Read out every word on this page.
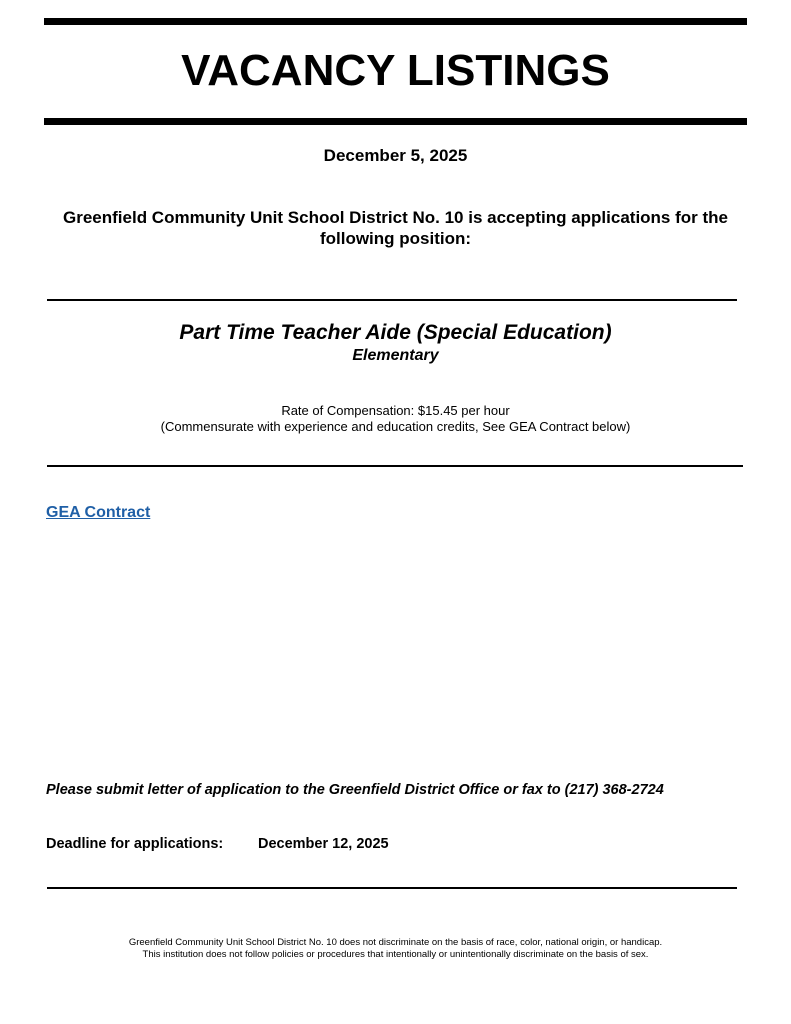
VACANCY LISTINGS
December 5, 2025
Greenfield Community Unit School District No. 10 is accepting applications for the following position:
Part Time Teacher Aide (Special Education)
Elementary
Rate of Compensation: $15.45 per hour
(Commensurate with experience and education credits, See GEA Contract below)
GEA Contract
Please submit letter of application to the Greenfield District Office or fax to (217) 368-2724
Deadline for applications: December 12, 2025
Greenfield Community Unit School District No. 10 does not discriminate on the basis of race, color, national origin, or handicap.
This institution does not follow policies or procedures that intentionally or unintentionally discriminate on the basis of sex.
